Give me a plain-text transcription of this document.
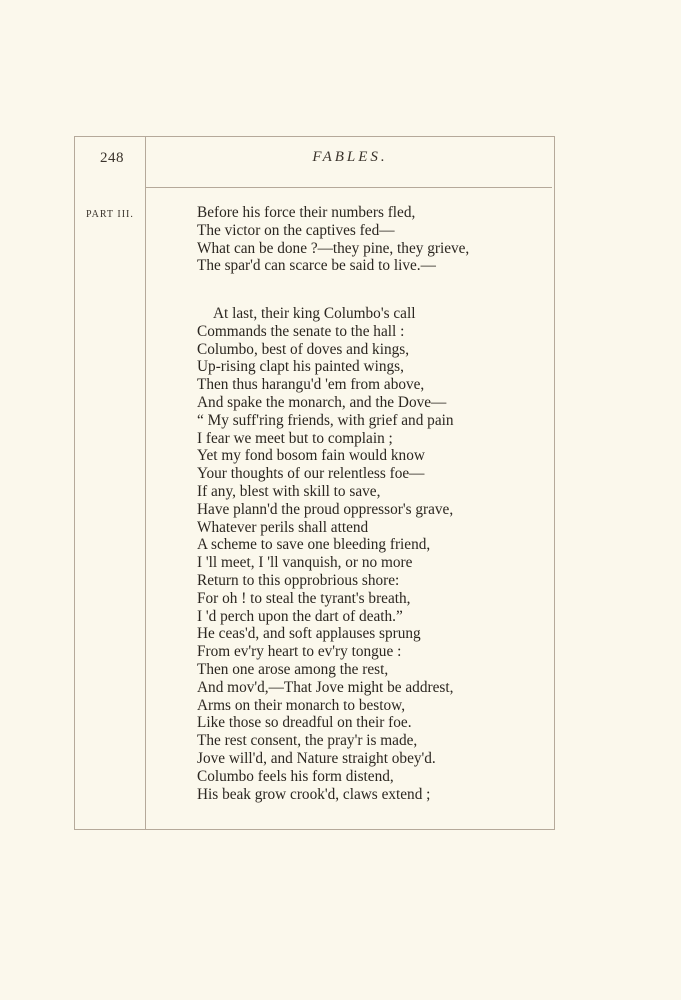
248	FABLES.
PART III.	Before his force their numbers fled,
The victor on the captives fed—
What can be done ?—they pine, they grieve,
The spar'd can scarce be said to live.—
At last, their king Columbo's call
Commands the senate to the hall :
Columbo, best of doves and kings,
Up-rising clapt his painted wings,
Then thus harangu'd 'em from above,
And spake the monarch, and the Dove—
“ My suff'ring friends, with grief and pain
I fear we meet but to complain ;
Yet my fond bosom fain would know
Your thoughts of our relentless foe—
If any, blest with skill to save,
Have plann'd the proud oppressor's grave,
Whatever perils shall attend
A scheme to save one bleeding friend,
I 'll meet, I 'll vanquish, or no more
Return to this opprobrious shore:
For oh ! to steal the tyrant's breath,
I 'd perch upon the dart of death.”
He ceas'd, and soft applauses sprung
From ev'ry heart to ev'ry tongue :
Then one arose among the rest,
And mov'd,—That Jove might be addrest,
Arms on their monarch to bestow,
Like those so dreadful on their foe.
The rest consent, the pray'r is made,
Jove will'd, and Nature straight obey'd.
Columbo feels his form distend,
His beak grow crook'd, claws extend ;
